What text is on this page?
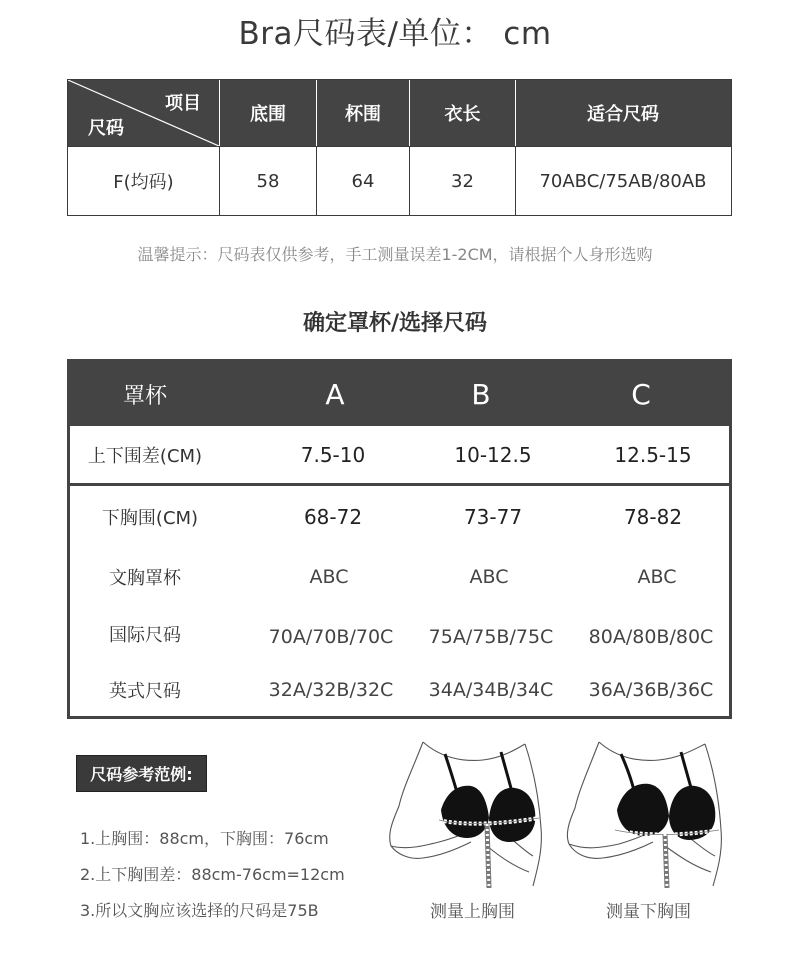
Bra尺码表/单位： cm
项目
尺码
底围	杯围	衣长	适合尺码
F(均码)	58	64	32	70ABC/75AB/80AB
温馨提示：尺码表仅供参考，手工测量误差1-2CM，请根据个人身形选购
确定罩杯/选择尺码
罩杯	A	B	C
上下围差(CM)	7.5-10	10-12.5	12.5-15
下胸围(CM)	68-72	73-77	78-82
文胸罩杯	ABC	ABC	ABC
国际尺码	70A/70B/70C	75A/75B/75C	80A/80B/80C
英式尺码	32A/32B/32C	34A/34B/34C	36A/36B/36C
尺码参考范例:
1.上胸围：88cm，下胸围：76cm
2.上下胸围差：88cm-76cm=12cm
3.所以文胸应该选择的尺码是75B	测量上胸围	测量下胸围
